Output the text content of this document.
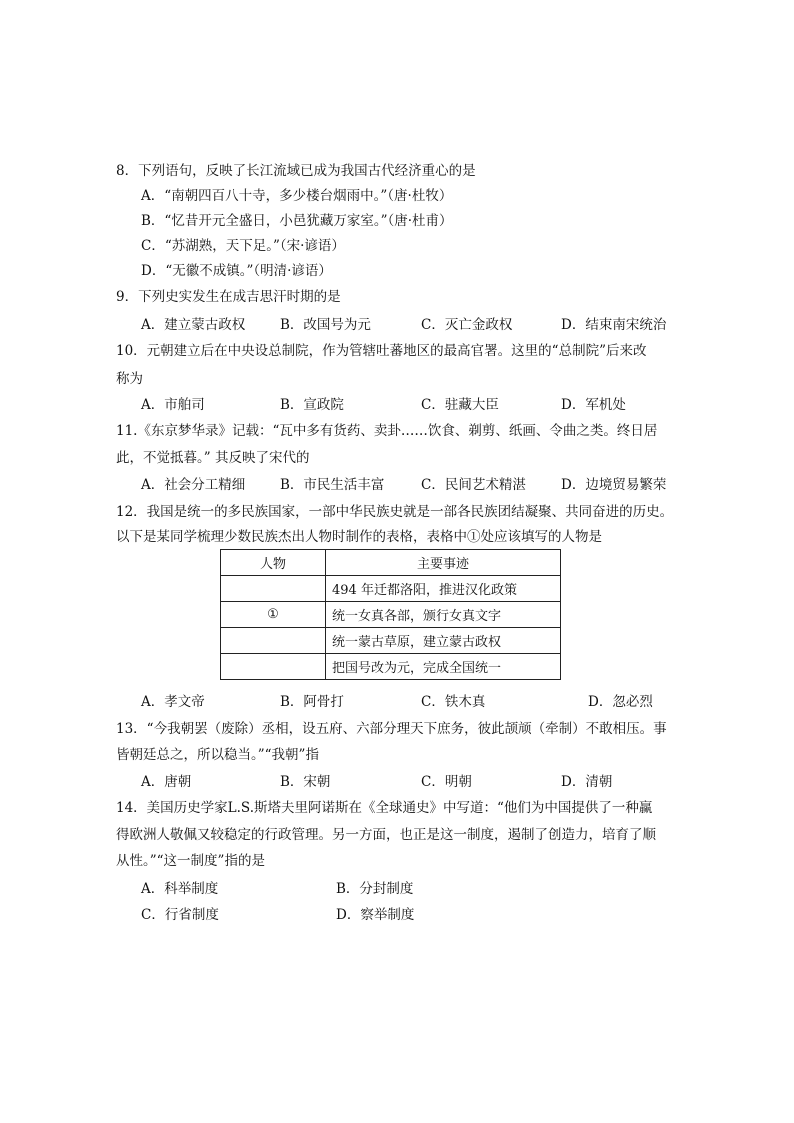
8．下列语句，反映了长江流域已成为我国古代经济重心的是
A．“南朝四百八十寺，多少楼台烟雨中。”（唐·杜牧）
B．“忆昔开元全盛日，小邑犹藏万家室。”（唐·杜甫）
C．“苏湖熟，天下足。”（宋·谚语）
D．“无徽不成镇。”（明清·谚语）
9．下列史实发生在成吉思汗时期的是
A．建立蒙古政权	B．改国号为元	C．灭亡金政权	D．结束南宋统治
10．元朝建立后在中央设总制院，作为管辖吐蕃地区的最高官署。这里的“总制院”后来改
称为
A．市舶司	B．宣政院	C．驻藏大臣	D．军机处
11.《东京梦华录》记载：“瓦中多有货药、卖卦……饮食、剃剪、纸画、令曲之类。终日居
此，不觉抵暮。” 其反映了宋代的
A．社会分工精细	B．市民生活丰富	C．民间艺术精湛	D．边境贸易繁荣
12．我国是统一的多民族国家，一部中华民族史就是一部各民族团结凝聚、共同奋进的历史。
以下是某同学梳理少数民族杰出人物时制作的表格，表格中①处应该填写的人物是
人物	主要事迹
	494 年迁都洛阳，推进汉化政策
①	统一女真各部，颁行女真文字
	统一蒙古草原，建立蒙古政权
	把国号改为元，完成全国统一
A．孝文帝	B．阿骨打	C．铁木真	D．忽必烈
13．“今我朝罢（废除）丞相，设五府、六部分理天下庶务，彼此颉颃（牵制）不敢相压。事
皆朝廷总之，所以稳当。”“我朝”指
A．唐朝	B．宋朝	C．明朝	D．清朝
14．美国历史学家L.S.斯塔夫里阿诺斯在《全球通史》中写道：“他们为中国提供了一种赢
得欧洲人敬佩又较稳定的行政管理。另一方面，也正是这一制度，遏制了创造力，培育了顺
从性。”“这一制度”指的是
A．科举制度	B．分封制度
C．行省制度	D．察举制度
